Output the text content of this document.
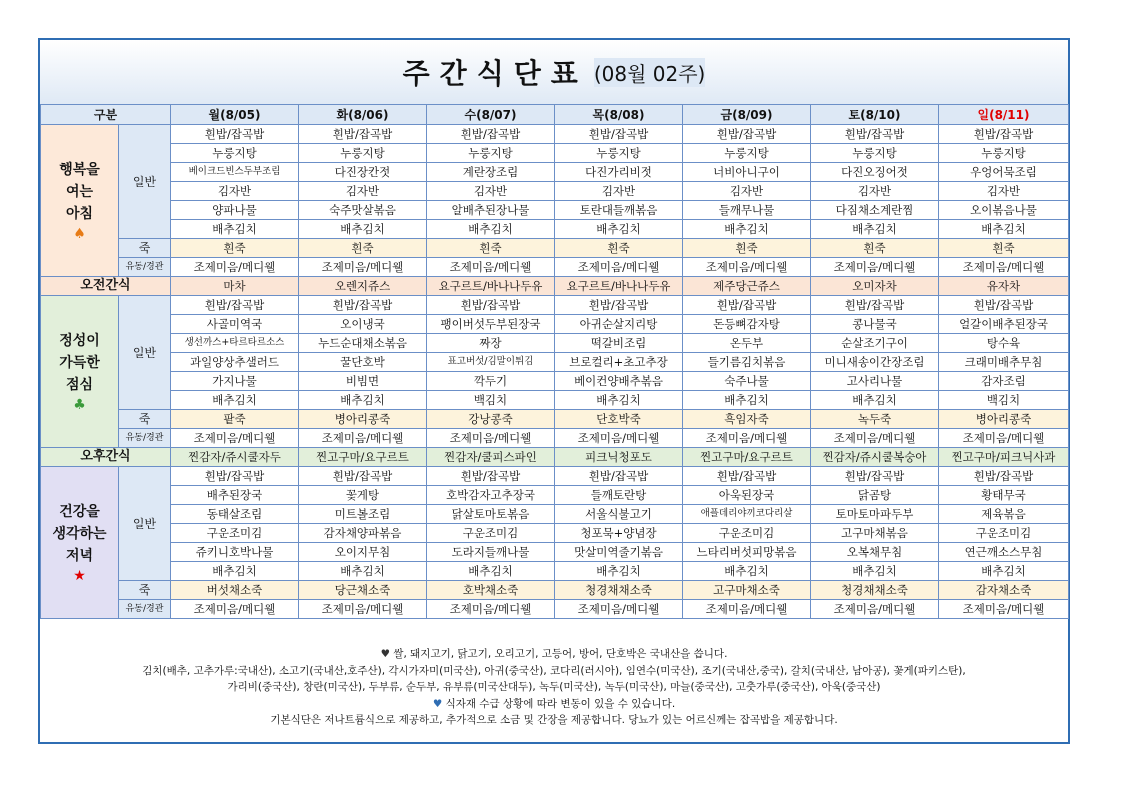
주간식단표 (08월 02주)
구분		월(8/05)	화(8/06)	수(8/07)	목(8/08)	금(8/09)	토(8/10)	일(8/11)

행복을
여는
아침
♠	일반	흰밥/잡곡밥	흰밥/잡곡밥	흰밥/잡곡밥	흰밥/잡곡밥	흰밥/잡곡밥	흰밥/잡곡밥	흰밥/잡곡밥
		누룽지탕	누룽지탕	누룽지탕	누룽지탕	누룽지탕	누룽지탕	누룽지탕
		베이크드빈스두부조림	다진장칸젓	계란장조림	다진가리비젓	너비아니구이	다진오징어젓	우엉어묵조림
		김자반	김자반	김자반	김자반	김자반	김자반	김자반
		양파나물	숙주맛살볶음	알배추된장나물	토란대들깨볶음	들깨무나물	다짐채소계란찜	오이볶음나물
		배추김치	배추김치	배추김치	배추김치	배추김치	배추김치	배추김치
	죽	흰죽	흰죽	흰죽	흰죽	흰죽	흰죽	흰죽
	유동/경관	조제미음/메디웰	조제미음/메디웰	조제미음/메디웰	조제미음/메디웰	조제미음/메디웰	조제미음/메디웰	조제미음/메디웰
오전간식		마차	오렌지쥬스	요구르트/바나나두유	요구르트/바나나두유	제주당근쥬스	오미자차	유자차

정성이
가득한
점심
♣	일반	흰밥/잡곡밥	흰밥/잡곡밥	흰밥/잡곡밥	흰밥/잡곡밥	흰밥/잡곡밥	흰밥/잡곡밥	흰밥/잡곡밥
		사골미역국	오이냉국	팽이버섯두부된장국	아귀순살지리탕	돈등뼈감자탕	콩나물국	얼갈이배추된장국
		생선까스+타르타르소스	누드순대채소볶음	짜장	떡갈비조림	온두부	순살조기구이	탕수육
		과일양상추샐러드	꿀단호박	표고버섯/김말이튀김	브로컬리+초고추장	들기름김치볶음	미니새송이간장조림	크래미배추무침
		가지나물	비빔면	깍두기	베이컨양배추볶음	숙주나물	고사리나물	감자조림
		배추김치	배추김치	백김치	배추김치	배추김치	배추김치	백김치
	죽	팥죽	병아리콩죽	강낭콩죽	단호박죽	흑임자죽	녹두죽	병아리콩죽
	유동/경관	조제미음/메디웰	조제미음/메디웰	조제미음/메디웰	조제미음/메디웰	조제미음/메디웰	조제미음/메디웰	조제미음/메디웰
오후간식		찐감자/쥬시쿨자두	찐고구마/요구르트	찐감자/쿨피스파인	피크닉청포도	찐고구마/요구르트	찐감자/쥬시쿨복숭아	찐고구마/피크닉사과

건강을
생각하는
저녁
★	일반	흰밥/잡곡밥	흰밥/잡곡밥	흰밥/잡곡밥	흰밥/잡곡밥	흰밥/잡곡밥	흰밥/잡곡밥	흰밥/잡곡밥
		배추된장국	꽃게탕	호박감자고추장국	들깨토란탕	아욱된장국	닭곰탕	황태무국
		동태살조림	미트볼조림	닭살토마토볶음	서울식불고기	애플데리야끼코다리살	토마토마파두부	제육볶음
		구운조미김	감자채양파볶음	구운조미김	청포묵+양념장	구운조미김	고구마채볶음	구운조미김
		쥬키니호박나물	오이지무침	도라지들깨나물	맛살미역줄기볶음	느타리버섯피망볶음	오복채무침	연근깨소스무침
		배추김치	배추김치	배추김치	배추김치	배추김치	배추김치	배추김치
	죽	버섯채소죽	당근채소죽	호박채소죽	청경채채소죽	고구마채소죽	청경채채소죽	감자채소죽
	유동/경관	조제미음/메디웰	조제미음/메디웰	조제미음/메디웰	조제미음/메디웰	조제미음/메디웰	조제미음/메디웰	조제미음/메디웰
♥ 쌀, 돼지고기, 닭고기, 오리고기, 고등어, 방어, 단호박은 국내산을 씁니다.
김치(배추, 고추가루:국내산), 소고기(국내산,호주산), 각시가자미(미국산), 아귀(중국산), 코다리(러시아), 임연수(미국산), 조기(국내산,중국), 갈치(국내산, 남아공), 꽃게(파키스탄),
가리비(중국산), 창란(미국산), 두부류, 순두부, 유부류(미국산대두), 녹두(미국산), 녹두(미국산), 마늘(중국산), 고춧가루(중국산), 아욱(중국산)
♥ 식자재 수급 상황에 따라 변동이 있을 수 있습니다.
기본식단은 저나트륨식으로 제공하고, 추가적으로 소금 및 간장을 제공합니다. 당뇨가 있는 어르신께는 잡곡밥을 제공합니다.
